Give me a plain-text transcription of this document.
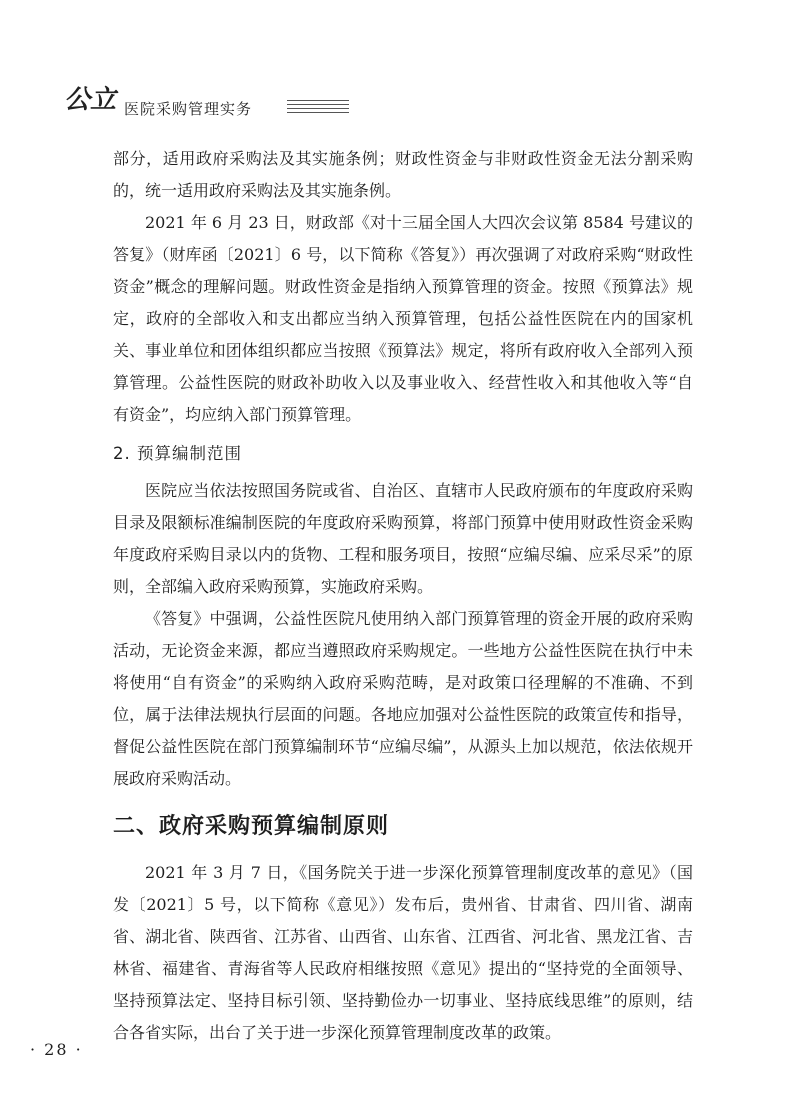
公立 医院采购管理实务

部分，适用政府采购法及其实施条例；财政性资金与非财政性资金无法分割采购的，统一适用政府采购法及其实施条例。

2021 年 6 月 23 日，财政部《对十三届全国人大四次会议第 8584 号建议的答复》（财库函〔2021〕6 号，以下简称《答复》）再次强调了对政府采购“财政性资金”概念的理解问题。财政性资金是指纳入预算管理的资金。按照《预算法》规定，政府的全部收入和支出都应当纳入预算管理，包括公益性医院在内的国家机关、事业单位和团体组织都应当按照《预算法》规定，将所有政府收入全部列入预算管理。公益性医院的财政补助收入以及事业收入、经营性收入和其他收入等“自有资金”，均应纳入部门预算管理。

2. 预算编制范围

医院应当依法按照国务院或省、自治区、直辖市人民政府颁布的年度政府采购目录及限额标准编制医院的年度政府采购预算，将部门预算中使用财政性资金采购年度政府采购目录以内的货物、工程和服务项目，按照“应编尽编、应采尽采”的原则，全部编入政府采购预算，实施政府采购。

《答复》中强调，公益性医院凡使用纳入部门预算管理的资金开展的政府采购活动，无论资金来源，都应当遵照政府采购规定。一些地方公益性医院在执行中未将使用“自有资金”的采购纳入政府采购范畴，是对政策口径理解的不准确、不到位，属于法律法规执行层面的问题。各地应加强对公益性医院的政策宣传和指导，督促公益性医院在部门预算编制环节“应编尽编”，从源头上加以规范，依法依规开展政府采购活动。

二、政府采购预算编制原则

2021 年 3 月 7 日，《国务院关于进一步深化预算管理制度改革的意见》（国发〔2021〕5 号，以下简称《意见》）发布后，贵州省、甘肃省、四川省、湖南省、湖北省、陕西省、江苏省、山西省、山东省、江西省、河北省、黑龙江省、吉林省、福建省、青海省等人民政府相继按照《意见》提出的“坚持党的全面领导、坚持预算法定、坚持目标引领、坚持勤俭办一切事业、坚持底线思维”的原则，结合各省实际，出台了关于进一步深化预算管理制度改革的政策。

· 28 ·
